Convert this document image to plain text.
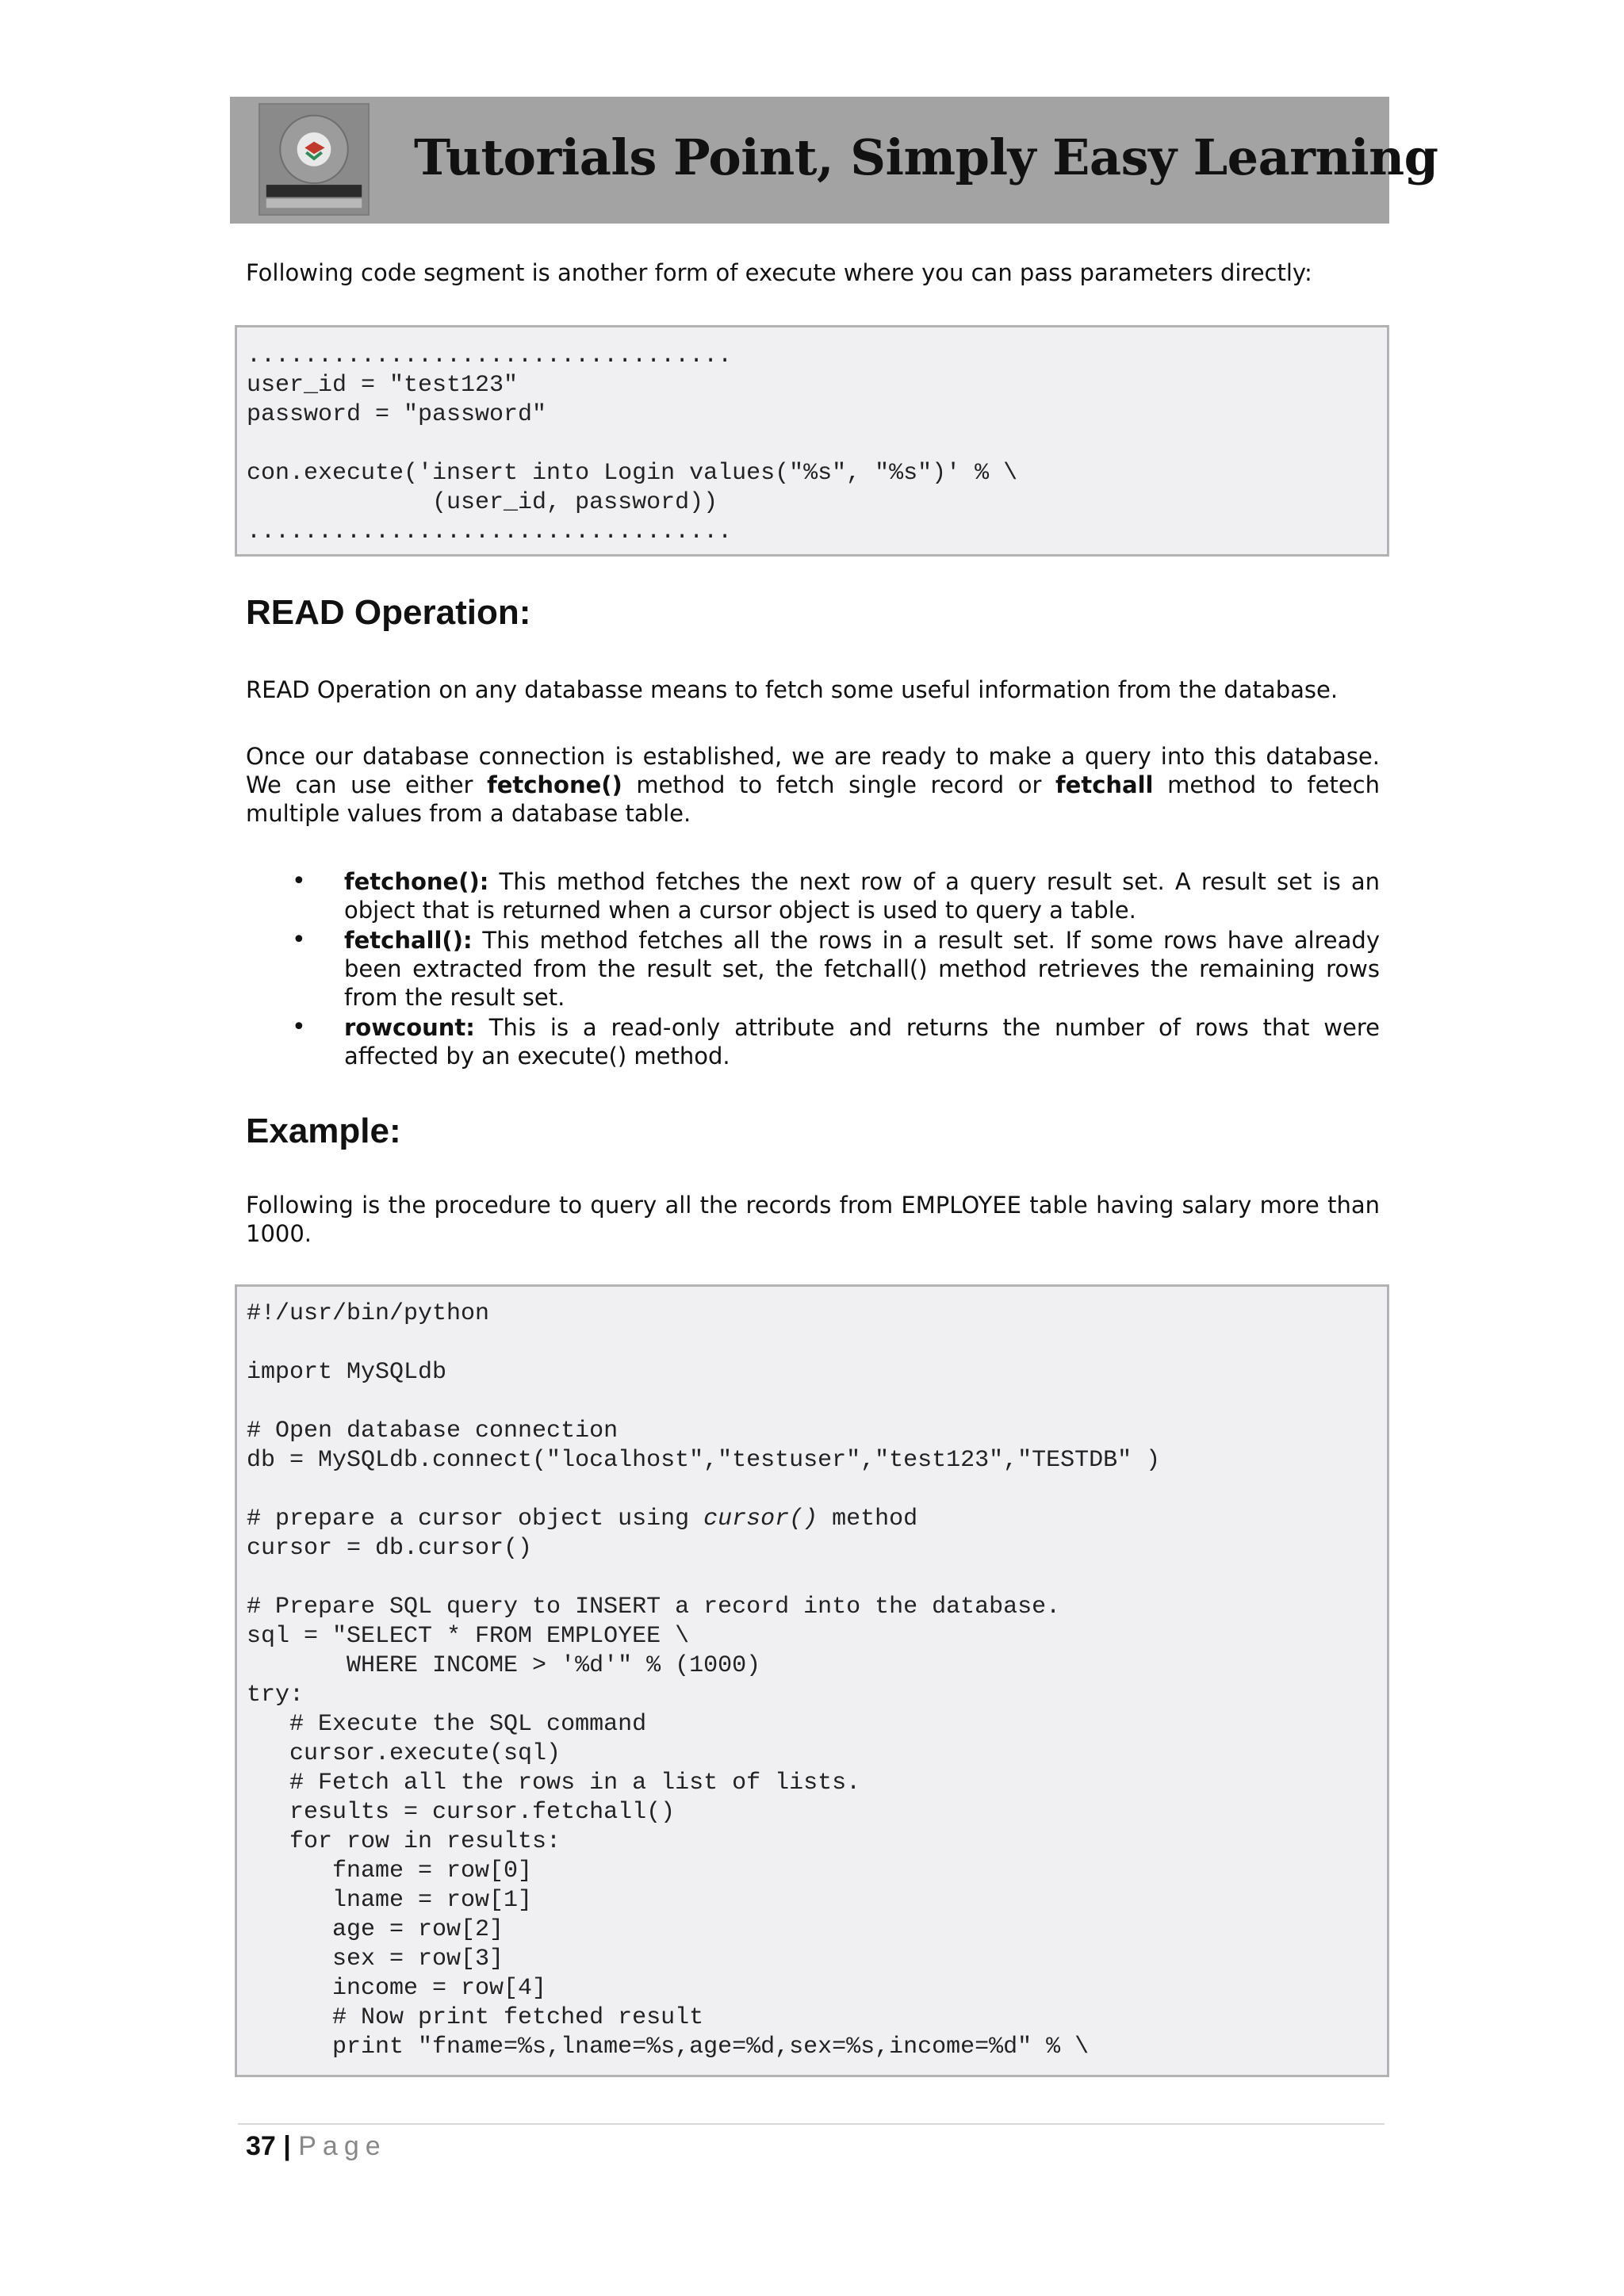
Tutorials Point, Simply Easy Learning
Following code segment is another form of execute where you can pass parameters directly:
..................................
user_id = "test123"
password = "password"
con.execute('insert into Login values("%s", "%s")' % \
(user_id, password))
..................................
READ Operation:
READ Operation on any databasse means to fetch some useful information from the database.
Once our database connection is established, we are ready to make a query into this database. We can use either fetchone() method to fetch single record or fetchall method to fetech multiple values from a database table.
• fetchone(): This method fetches the next row of a query result set. A result set is an object that is returned when a cursor object is used to query a table.
• fetchall(): This method fetches all the rows in a result set. If some rows have already been extracted from the result set, the fetchall() method retrieves the remaining rows from the result set.
• rowcount: This is a read-only attribute and returns the number of rows that were affected by an execute() method.
Example:
Following is the procedure to query all the records from EMPLOYEE table having salary more than 1000.
#!/usr/bin/python
import MySQLdb
# Open database connection
db = MySQLdb.connect("localhost","testuser","test123","TESTDB" )
# prepare a cursor object using cursor() method
cursor = db.cursor()
# Prepare SQL query to INSERT a record into the database.
sql = "SELECT * FROM EMPLOYEE \
WHERE INCOME > '%d'" % (1000)
try:
# Execute the SQL command
cursor.execute(sql)
# Fetch all the rows in a list of lists.
results = cursor.fetchall()
for row in results:
fname = row[0]
lname = row[1]
age = row[2]
sex = row[3]
income = row[4]
# Now print fetched result
print "fname=%s,lname=%s,age=%d,sex=%s,income=%d" % \
37 | Page
